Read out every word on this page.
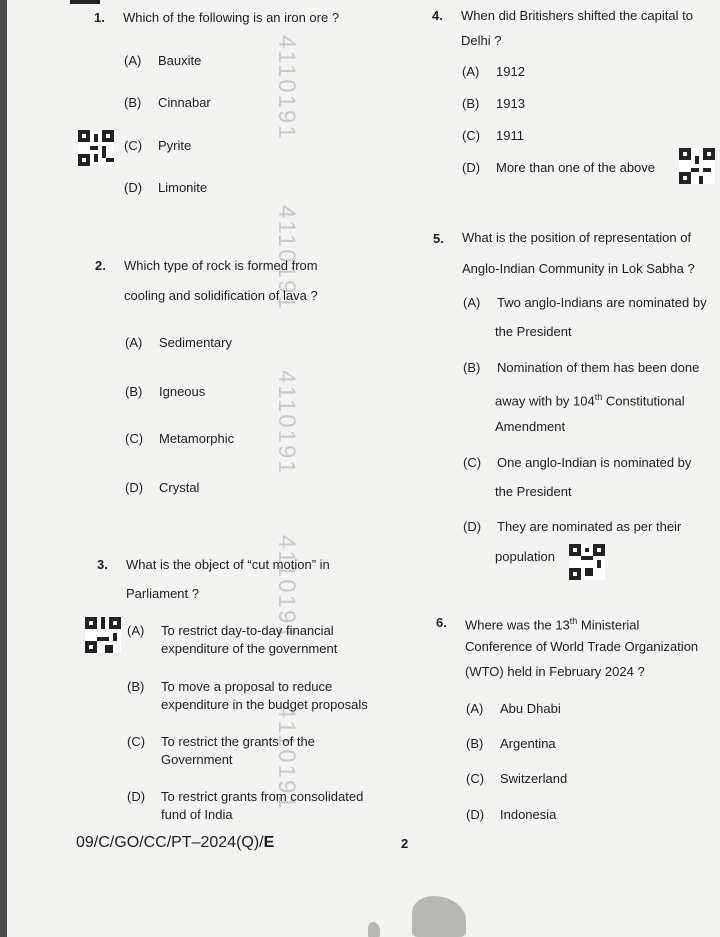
4110191
4110191
4110191
4110191
4110191
1. Which of the following is an iron ore ?
(A) Bauxite
(B) Cinnabar
(C) Pyrite
(D) Limonite
2. Which type of rock is formed from
cooling and solidification of lava ?
(A) Sedimentary
(B) Igneous
(C) Metamorphic
(D) Crystal
3. What is the object of “cut motion” in
Parliament ?
(A) To restrict day-to-day financial
expenditure of the government
(B) To move a proposal to reduce
expenditure in the budget proposals
(C) To restrict the grants of the
Government
(D) To restrict grants from consolidated
fund of India
4. When did Britishers shifted the capital to
Delhi ?
(A) 1912
(B) 1913
(C) 1911
(D) More than one of the above
5. What is the position of representation of
Anglo-Indian Community in Lok Sabha ?
(A) Two anglo-Indians are nominated by
the President
(B) Nomination of them has been done
away with by 104th Constitutional
Amendment
(C) One anglo-Indian is nominated by
the President
(D) They are nominated as per their
population
6. Where was the 13th Ministerial
Conference of World Trade Organization
(WTO) held in February 2024 ?
(A) Abu Dhabi
(B) Argentina
(C) Switzerland
(D) Indonesia
09/C/GO/CC/PT–2024(Q)/E	2
